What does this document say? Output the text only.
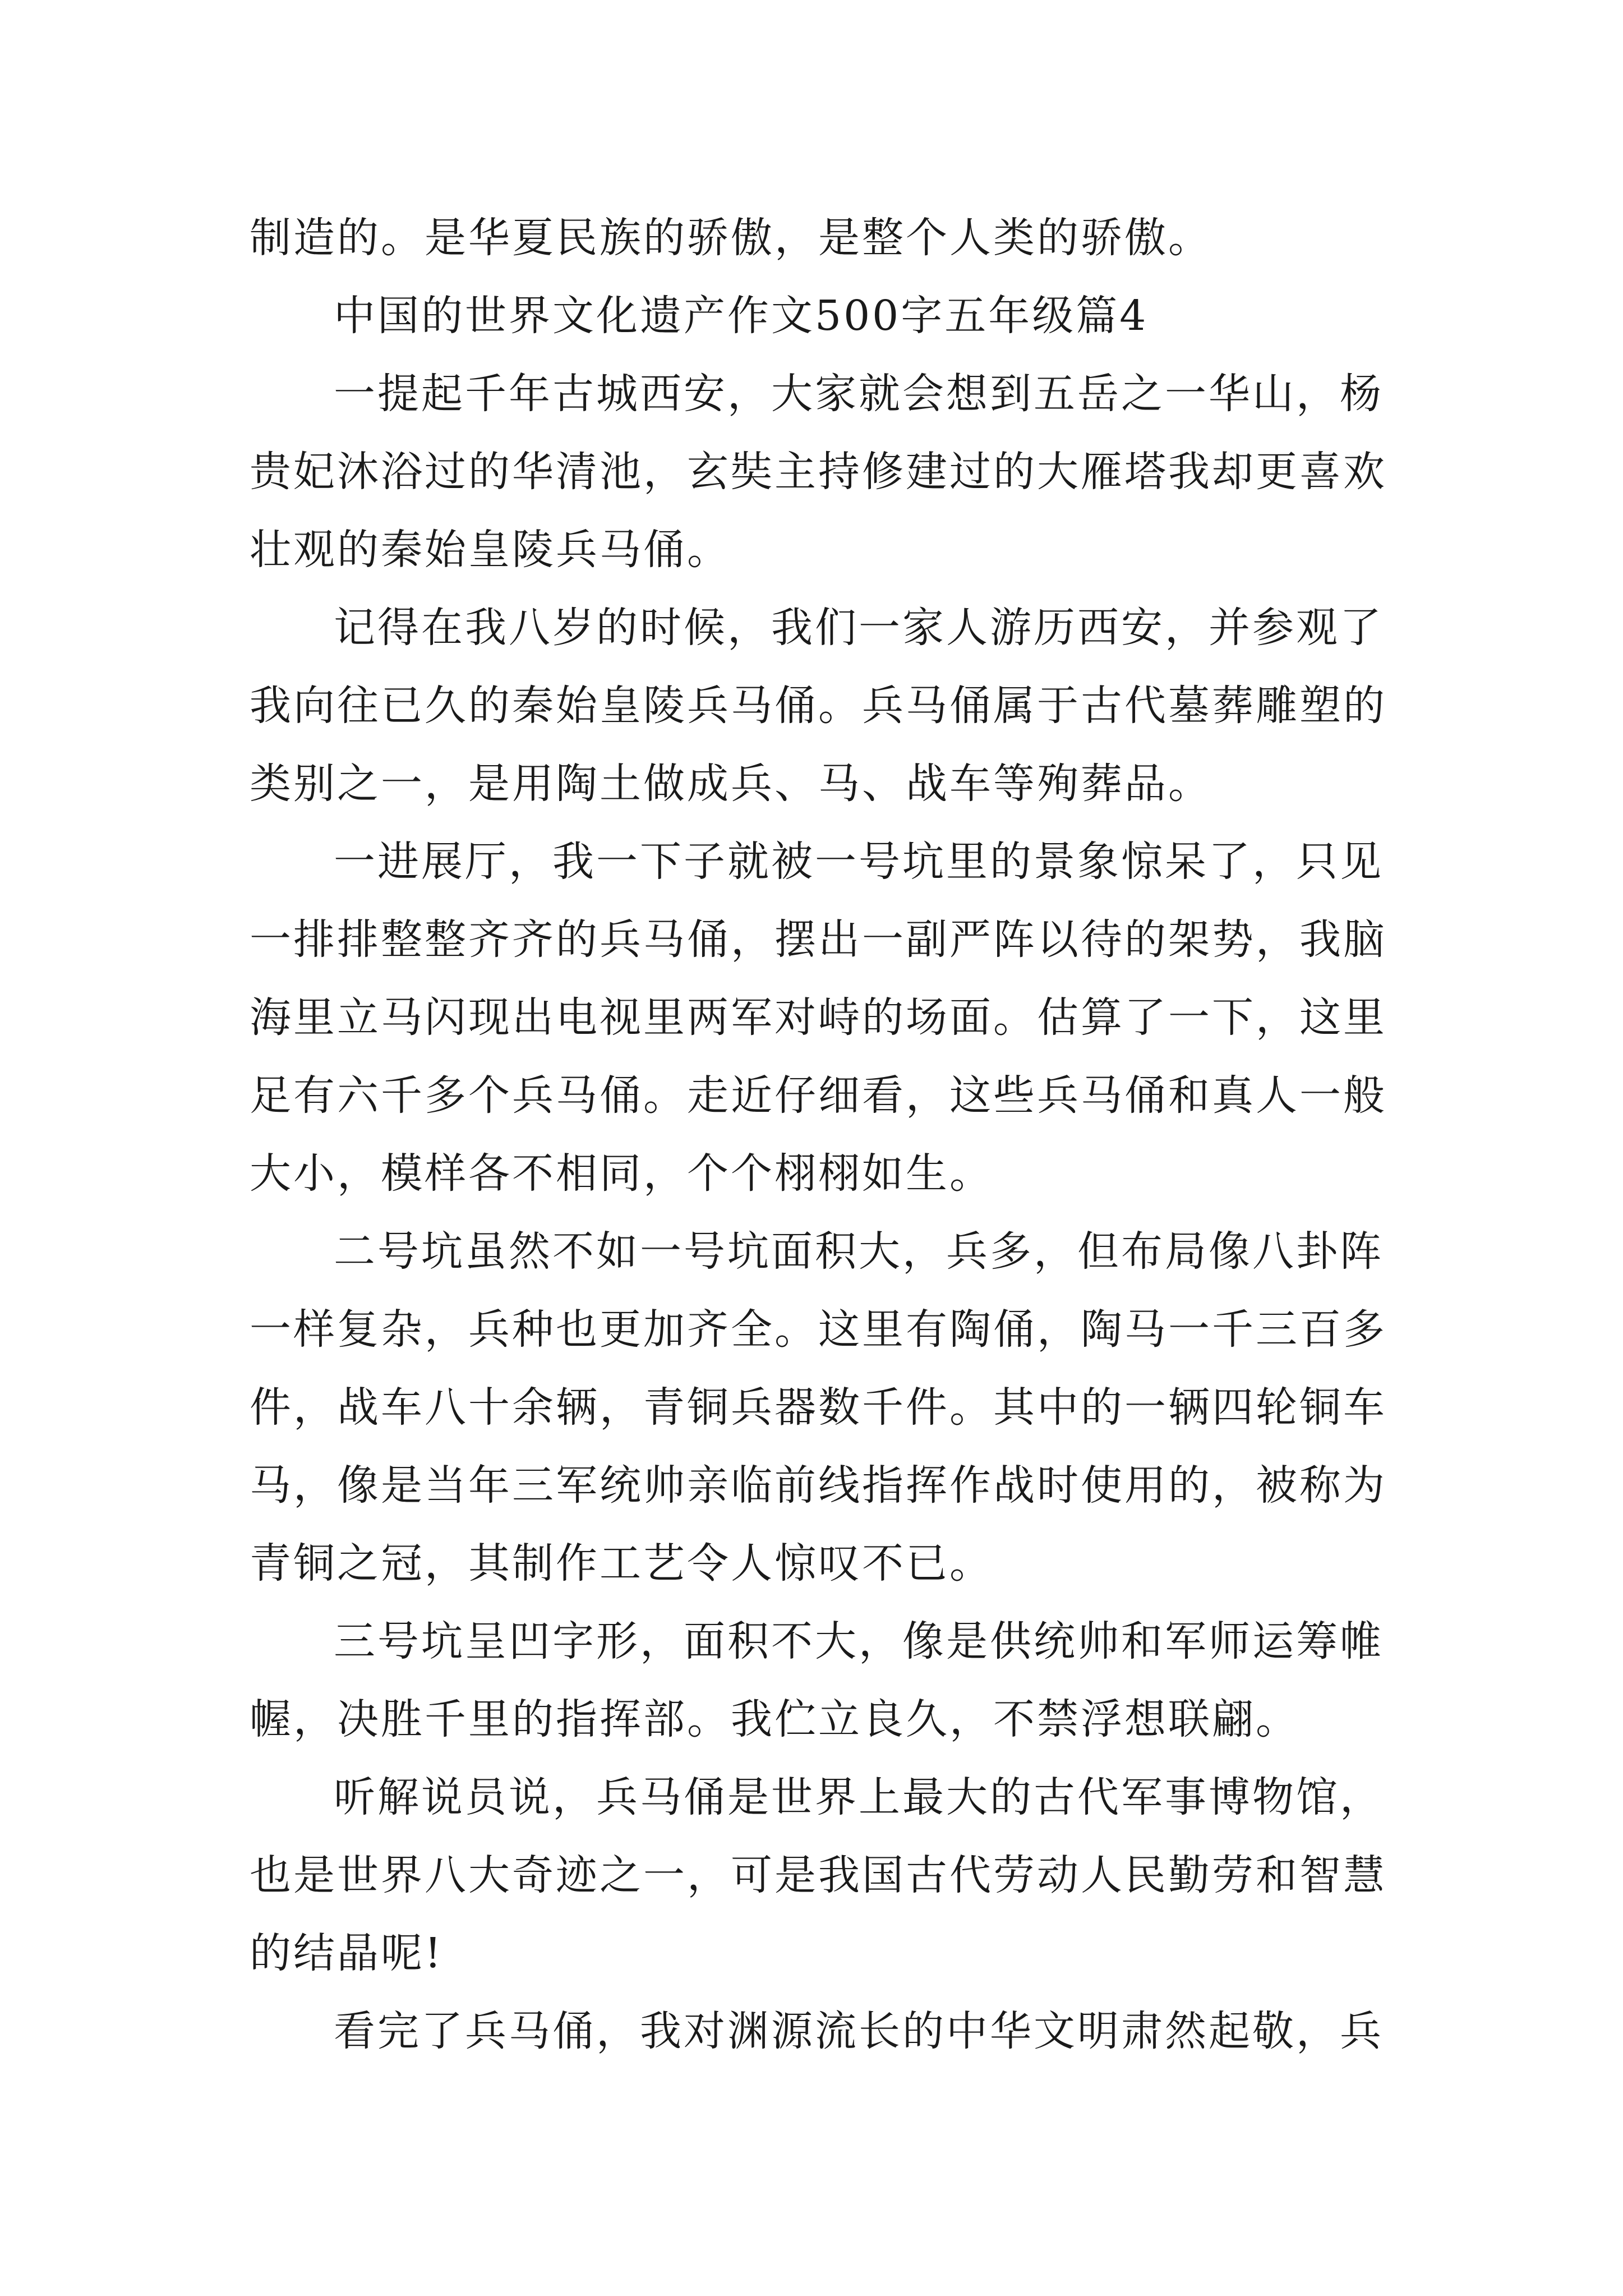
制造的。是华夏民族的骄傲，是整个人类的骄傲。
中国的世界文化遗产作文500字五年级篇4
一提起千年古城西安，大家就会想到五岳之一华山，杨
贵妃沐浴过的华清池，玄奘主持修建过的大雁塔我却更喜欢
壮观的秦始皇陵兵马俑。
记得在我八岁的时候，我们一家人游历西安，并参观了
我向往已久的秦始皇陵兵马俑。兵马俑属于古代墓葬雕塑的
类别之一，是用陶土做成兵、马、战车等殉葬品。
一进展厅，我一下子就被一号坑里的景象惊呆了，只见
一排排整整齐齐的兵马俑，摆出一副严阵以待的架势，我脑
海里立马闪现出电视里两军对峙的场面。估算了一下，这里
足有六千多个兵马俑。走近仔细看，这些兵马俑和真人一般
大小，模样各不相同，个个栩栩如生。
二号坑虽然不如一号坑面积大，兵多，但布局像八卦阵
一样复杂，兵种也更加齐全。这里有陶俑，陶马一千三百多
件，战车八十余辆，青铜兵器数千件。其中的一辆四轮铜车
马，像是当年三军统帅亲临前线指挥作战时使用的，被称为
青铜之冠，其制作工艺令人惊叹不已。
三号坑呈凹字形，面积不大，像是供统帅和军师运筹帷
幄，决胜千里的指挥部。我伫立良久，不禁浮想联翩。
听解说员说，兵马俑是世界上最大的古代军事博物馆，
也是世界八大奇迹之一，可是我国古代劳动人民勤劳和智慧
的结晶呢!
看完了兵马俑，我对渊源流长的中华文明肃然起敬，兵
